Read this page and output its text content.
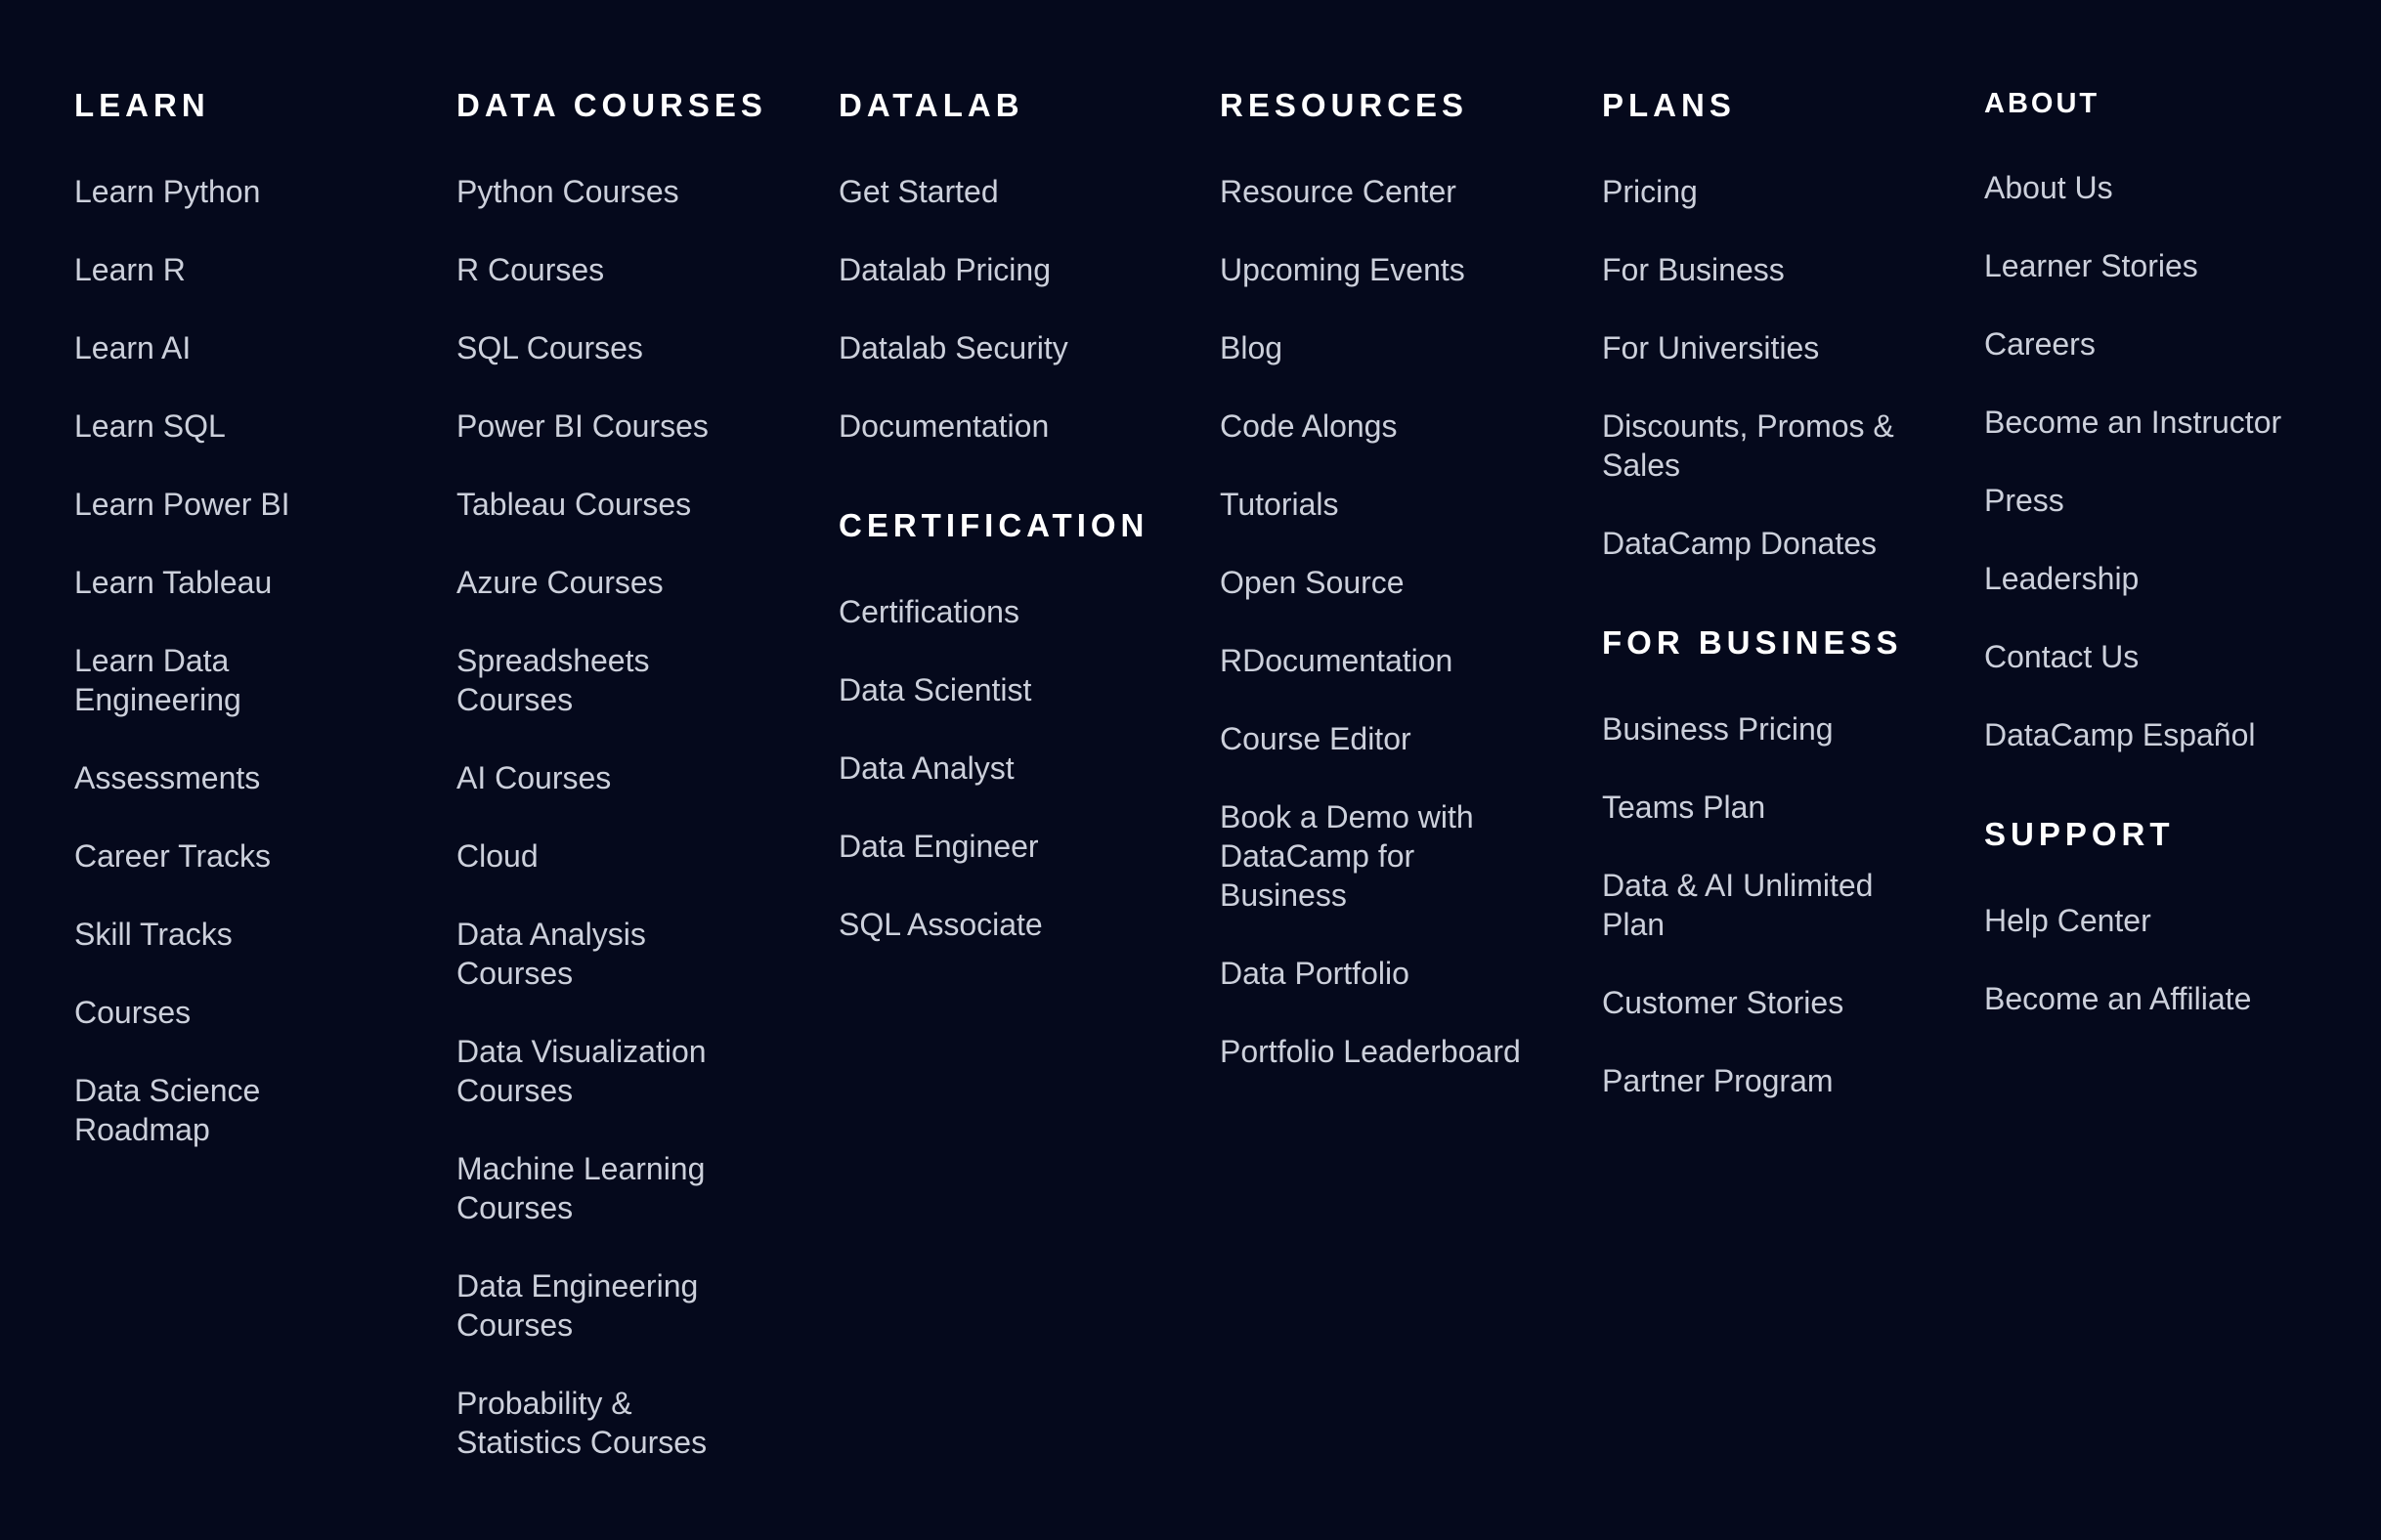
LEARN
Learn Python
Learn R
Learn AI
Learn SQL
Learn Power BI
Learn Tableau
Learn Data
Engineering
Assessments
Career Tracks
Skill Tracks
Courses
Data Science
Roadmap
DATA COURSES
Python Courses
R Courses
SQL Courses
Power BI Courses
Tableau Courses
Azure Courses
Spreadsheets
Courses
AI Courses
Cloud
Data Analysis
Courses
Data Visualization
Courses
Machine Learning
Courses
Data Engineering
Courses
Probability &
Statistics Courses
DATALAB
Get Started
Datalab Pricing
Datalab Security
Documentation
CERTIFICATION
Certifications
Data Scientist
Data Analyst
Data Engineer
SQL Associate
RESOURCES
Resource Center
Upcoming Events
Blog
Code Alongs
Tutorials
Open Source
RDocumentation
Course Editor
Book a Demo with
DataCamp for
Business
Data Portfolio
Portfolio Leaderboard
PLANS
Pricing
For Business
For Universities
Discounts, Promos &
Sales
DataCamp Donates
FOR BUSINESS
Business Pricing
Teams Plan
Data & AI Unlimited
Plan
Customer Stories
Partner Program
ABOUT
About Us
Learner Stories
Careers
Become an Instructor
Press
Leadership
Contact Us
DataCamp Español
SUPPORT
Help Center
Become an Affiliate
